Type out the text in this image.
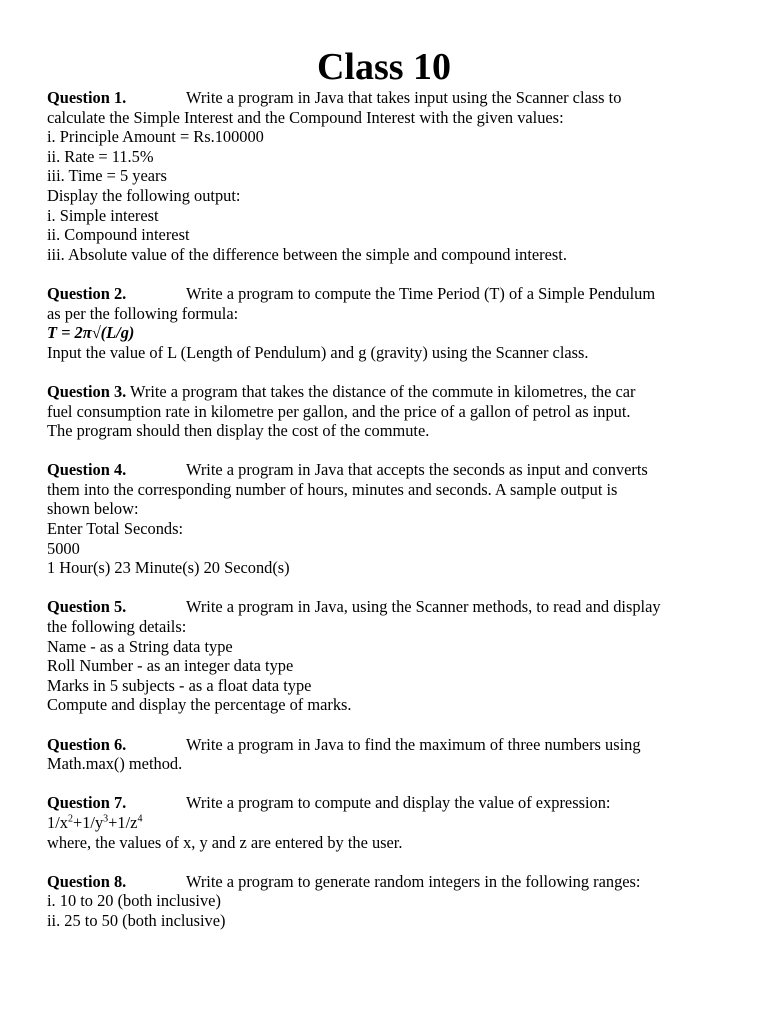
Class 10
Question 1.	Write a program in Java that takes input using the Scanner class to
calculate the Simple Interest and the Compound Interest with the given values:
i. Principle Amount = Rs.100000
ii. Rate = 11.5%
iii. Time = 5 years
Display the following output:
i. Simple interest
ii. Compound interest
iii. Absolute value of the difference between the simple and compound interest.
Question 2.	Write a program to compute the Time Period (T) of a Simple Pendulum
as per the following formula:
T = 2π√(L/g)
Input the value of L (Length of Pendulum) and g (gravity) using the Scanner class.
Question 3. Write a program that takes the distance of the commute in kilometres, the car
fuel consumption rate in kilometre per gallon, and the price of a gallon of petrol as input.
The program should then display the cost of the commute.
Question 4.	Write a program in Java that accepts the seconds as input and converts
them into the corresponding number of hours, minutes and seconds. A sample output is
shown below:
Enter Total Seconds:
5000
1 Hour(s) 23 Minute(s) 20 Second(s)
Question 5.	Write a program in Java, using the Scanner methods, to read and display
the following details:
Name - as a String data type
Roll Number - as an integer data type
Marks in 5 subjects - as a float data type
Compute and display the percentage of marks.
Question 6.	Write a program in Java to find the maximum of three numbers using
Math.max() method.
Question 7.	Write a program to compute and display the value of expression:
$1/x^2+1/y^3+1/z^4$
where, the values of x, y and z are entered by the user.
Question 8.	Write a program to generate random integers in the following ranges:
i. 10 to 20 (both inclusive)
ii. 25 to 50 (both inclusive)
